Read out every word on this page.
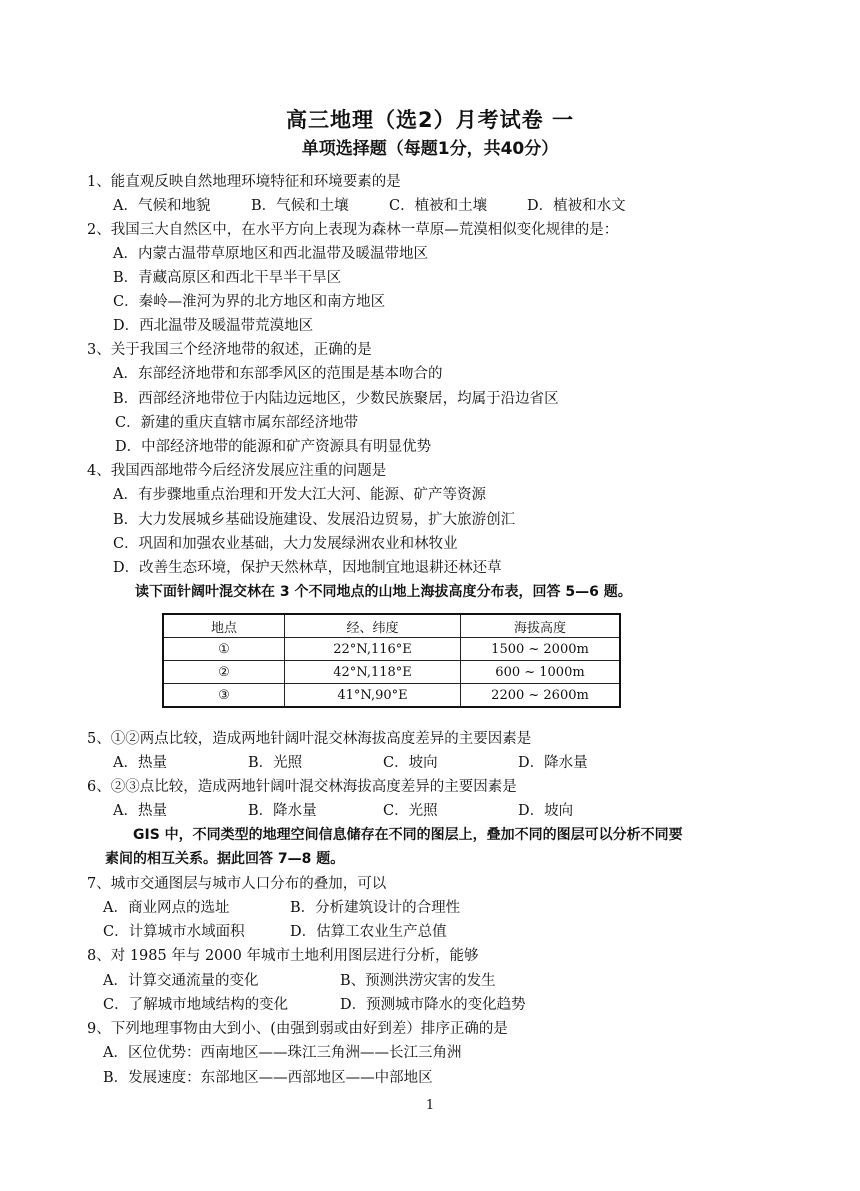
高三地理（选2）月考试卷 一
单项选择题（每题1分，共40分）
1、能直观反映自然地理环境特征和环境要素的是
A．气候和地貌	B．气候和土壤	C．植被和土壤	D．植被和水文
2、我国三大自然区中，在水平方向上表现为森林一草原—荒漠相似变化规律的是：
A．内蒙古温带草原地区和西北温带及暖温带地区
B．青藏高原区和西北干旱半干旱区
C．秦岭—淮河为界的北方地区和南方地区
D．西北温带及暖温带荒漠地区
3、关于我国三个经济地带的叙述，正确的是
A．东部经济地带和东部季风区的范围是基本吻合的
B．西部经济地带位于内陆边远地区，少数民族聚居，均属于沿边省区
C．新建的重庆直辖市属东部经济地带
D．中部经济地带的能源和矿产资源具有明显优势
4、我国西部地带今后经济发展应注重的问题是
A．有步骤地重点治理和开发大江大河、能源、矿产等资源
B．大力发展城乡基础设施建设、发展沿边贸易，扩大旅游创汇
C．巩固和加强农业基础，大力发展绿洲农业和林牧业
D．改善生态环境，保护天然林草，因地制宜地退耕还林还草
读下面针阔叶混交林在 3 个不同地点的山地上海拔高度分布表，回答 5—6 题。
地点	经、纬度	海拔高度
①	22°N,116°E	1500 ~ 2000m
②	42°N,118°E	600 ~ 1000m
③	41°N,90°E	2200 ~ 2600m
5、①②两点比较，造成两地针阔叶混交林海拔高度差异的主要因素是
A．热量	B．光照	C．坡向	D．降水量
6、②③点比较，造成两地针阔叶混交林海拔高度差异的主要因素是
A．热量	B．降水量	C．光照	D．坡向
GIS 中，不同类型的地理空间信息储存在不同的图层上，叠加不同的图层可以分析不同要
素间的相互关系。据此回答 7—8 题。
7、城市交通图层与城市人口分布的叠加，可以
A．商业网点的选址	B．分析建筑设计的合理性
C．计算城市水域面积	D．估算工农业生产总值
8、对 1985 年与 2000 年城市土地利用图层进行分析，能够
A．计算交通流量的变化	B、预测洪涝灾害的发生
C．了解城市地域结构的变化	D．预测城市降水的变化趋势
9、下列地理事物由大到小、(由强到弱或由好到差）排序正确的是
A．区位优势：西南地区——珠江三角洲——长江三角洲
B．发展速度：东部地区——西部地区——中部地区
1
